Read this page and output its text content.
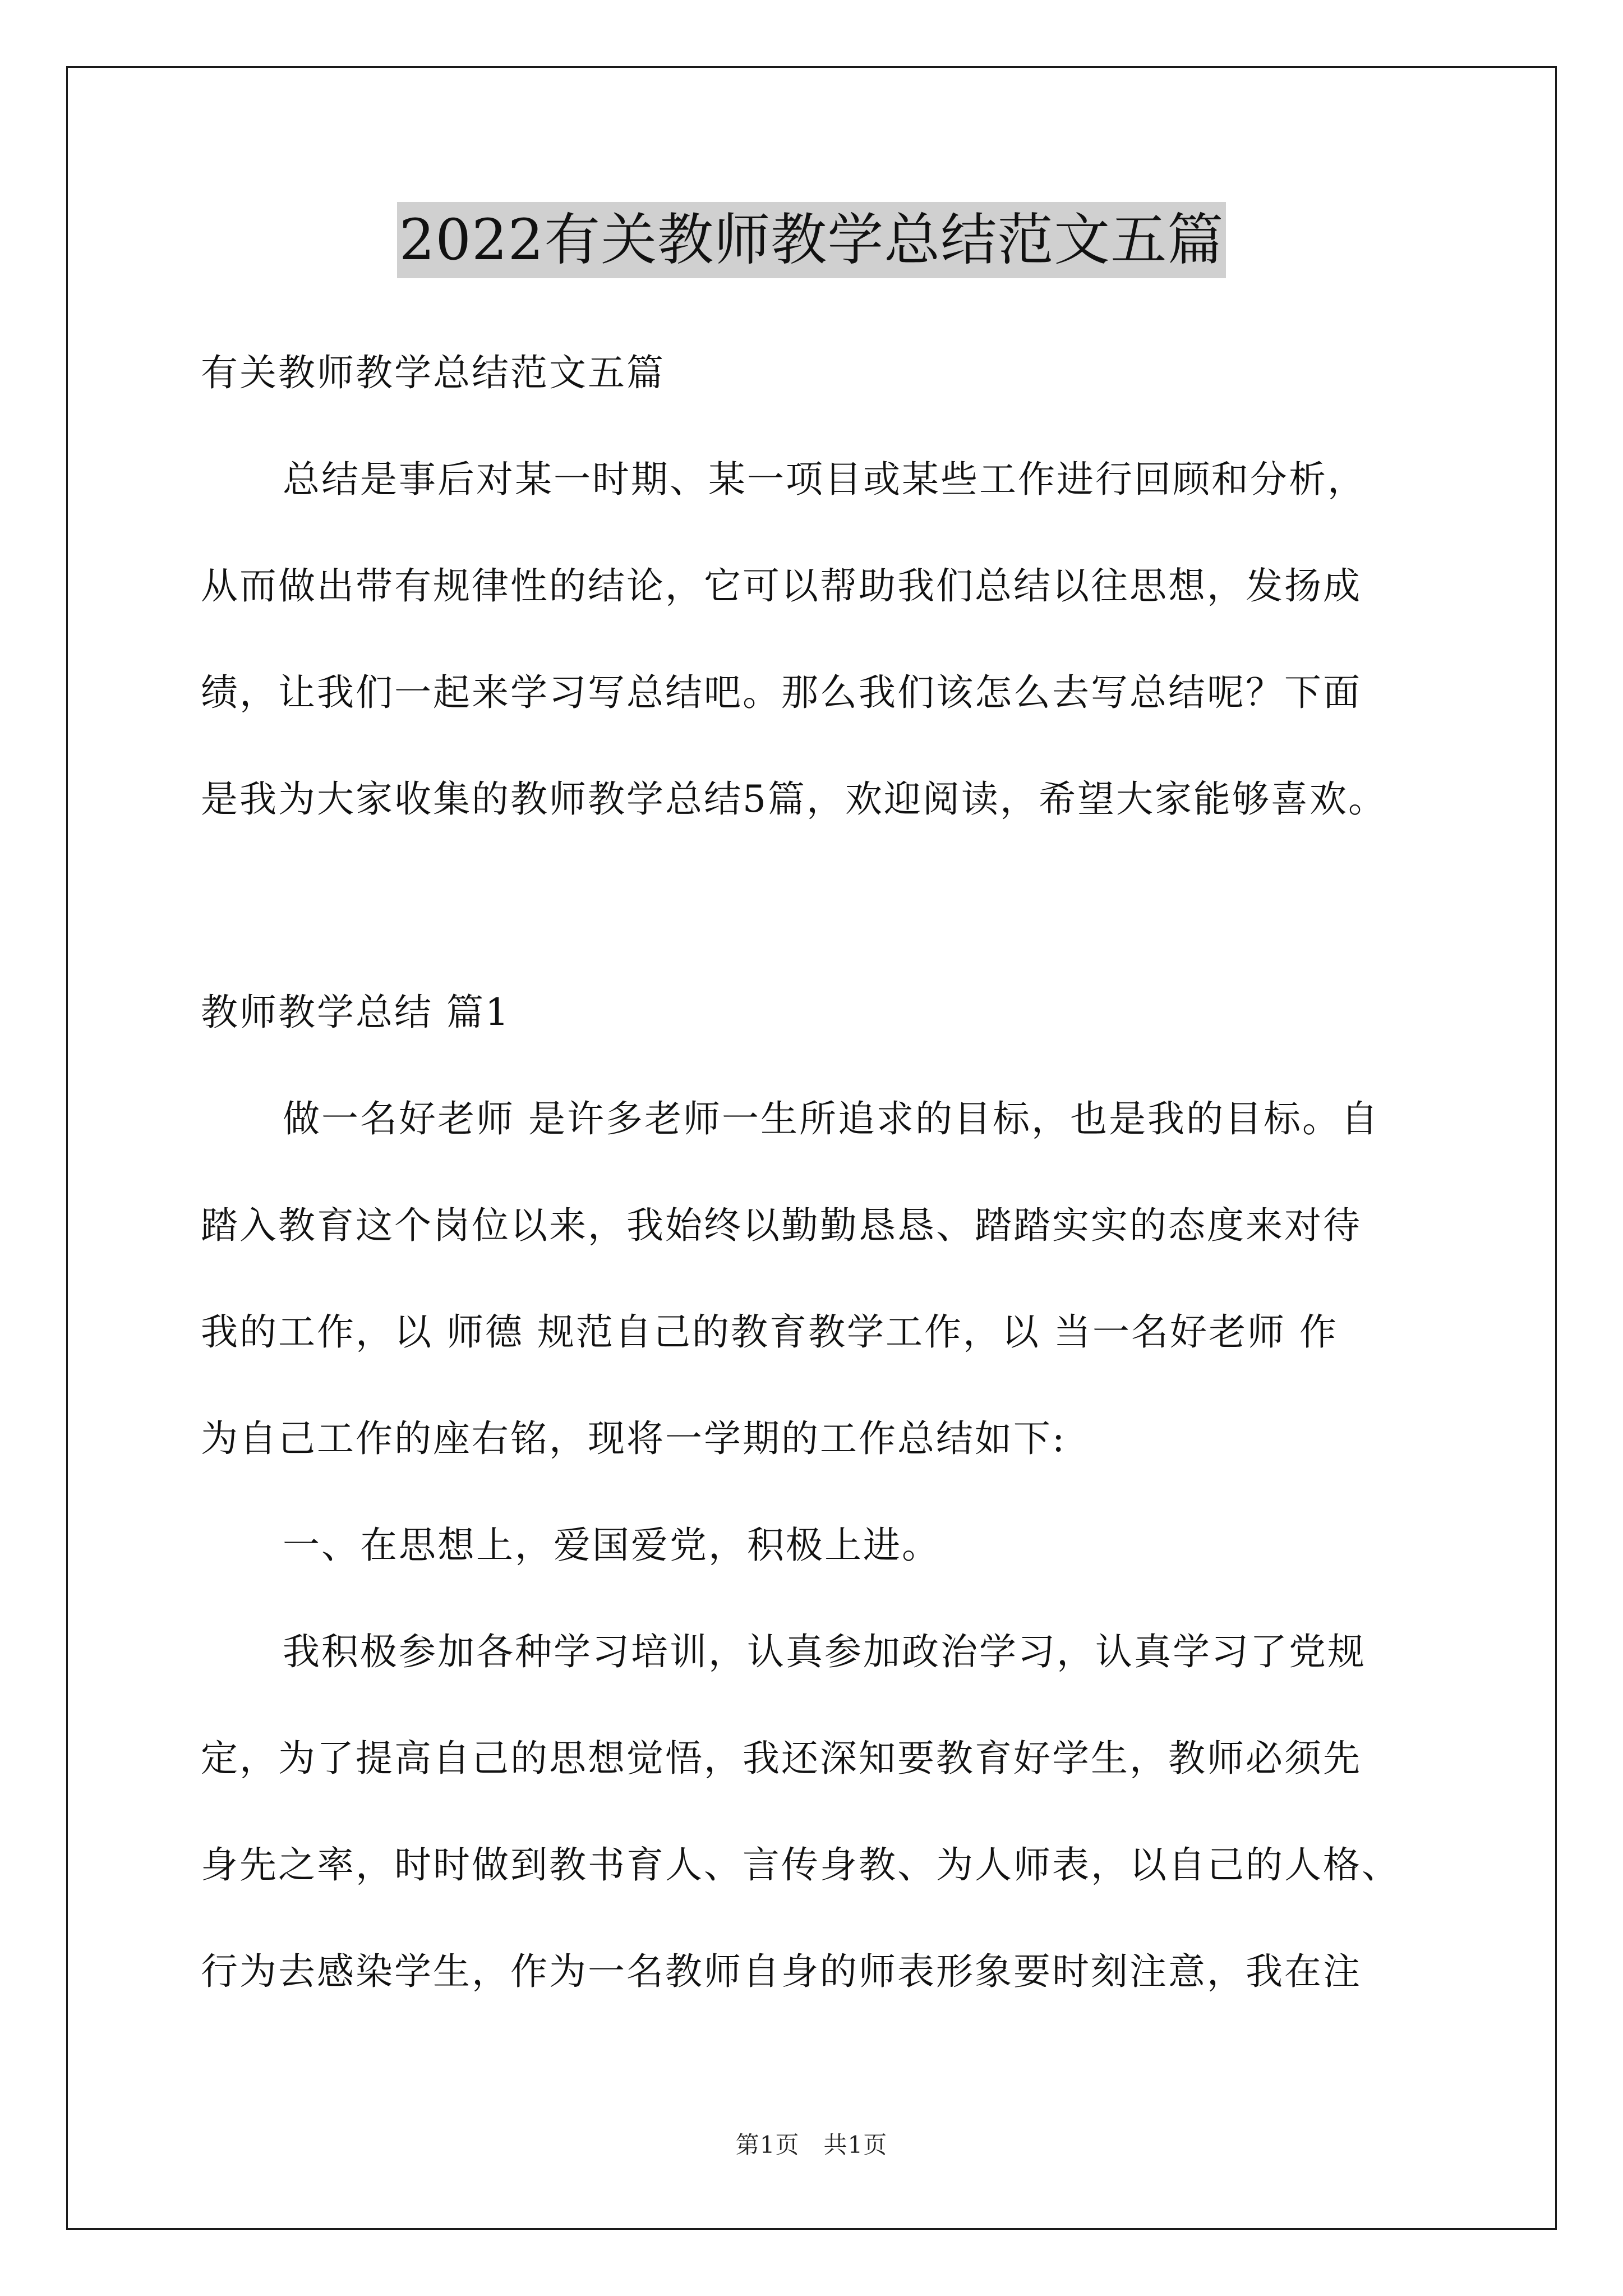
2022有关教师教学总结范文五篇
有关教师教学总结范文五篇
总结是事后对某一时期、某一项目或某些工作进行回顾和分析，
从而做出带有规律性的结论，它可以帮助我们总结以往思想，发扬成
绩，让我们一起来学习写总结吧。那么我们该怎么去写总结呢？下面
是我为大家收集的教师教学总结5篇，欢迎阅读，希望大家能够喜欢。
教师教学总结 篇1
做一名好老师 是许多老师一生所追求的目标，也是我的目标。自
踏入教育这个岗位以来，我始终以勤勤恳恳、踏踏实实的态度来对待
我的工作，以 师德 规范自己的教育教学工作，以 当一名好老师 作
为自己工作的座右铭，现将一学期的工作总结如下:
一、在思想上，爱国爱党，积极上进。
我积极参加各种学习培训，认真参加政治学习，认真学习了党规
定，为了提高自己的思想觉悟，我还深知要教育好学生，教师必须先
身先之率，时时做到教书育人、言传身教、为人师表，以自己的人格、
行为去感染学生，作为一名教师自身的师表形象要时刻注意，我在注
第1页　共1页
